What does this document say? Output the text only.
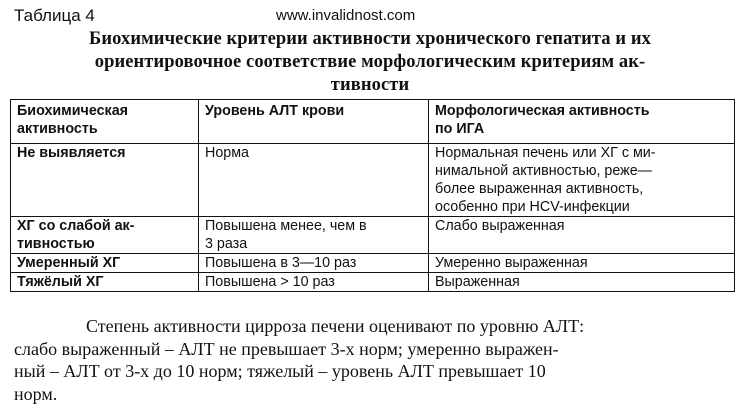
Таблица 4	www.invalidnost.com
Биохимические критерии активности хронического гепатита и их
ориентировочное соответствие морфологическим критериям ак-
тивности
Биохимическая
активность	Уровень АЛТ крови	Морфологическая активность
по ИГА

Не выявляется	Норма	Нормальная печень или ХГ с ми-
нимальной активностью, реже—
более выраженная активность,
особенно при HCV-инфекции

ХГ со слабой ак-
тивностью	Повышена менее, чем в
3 раза	Слабо выраженная

Умеренный ХГ	Повышена в 3—10 раз	Умеренно выраженная

Тяжёлый ХГ	Повышена > 10 раз	Выраженная
Степень активности цирроза печени оценивают по уровню АЛТ:
слабо выраженный – АЛТ не превышает 3-х норм; умеренно выражен-
ный – АЛТ от 3-х до 10 норм; тяжелый – уровень АЛТ превышает 10
норм.
